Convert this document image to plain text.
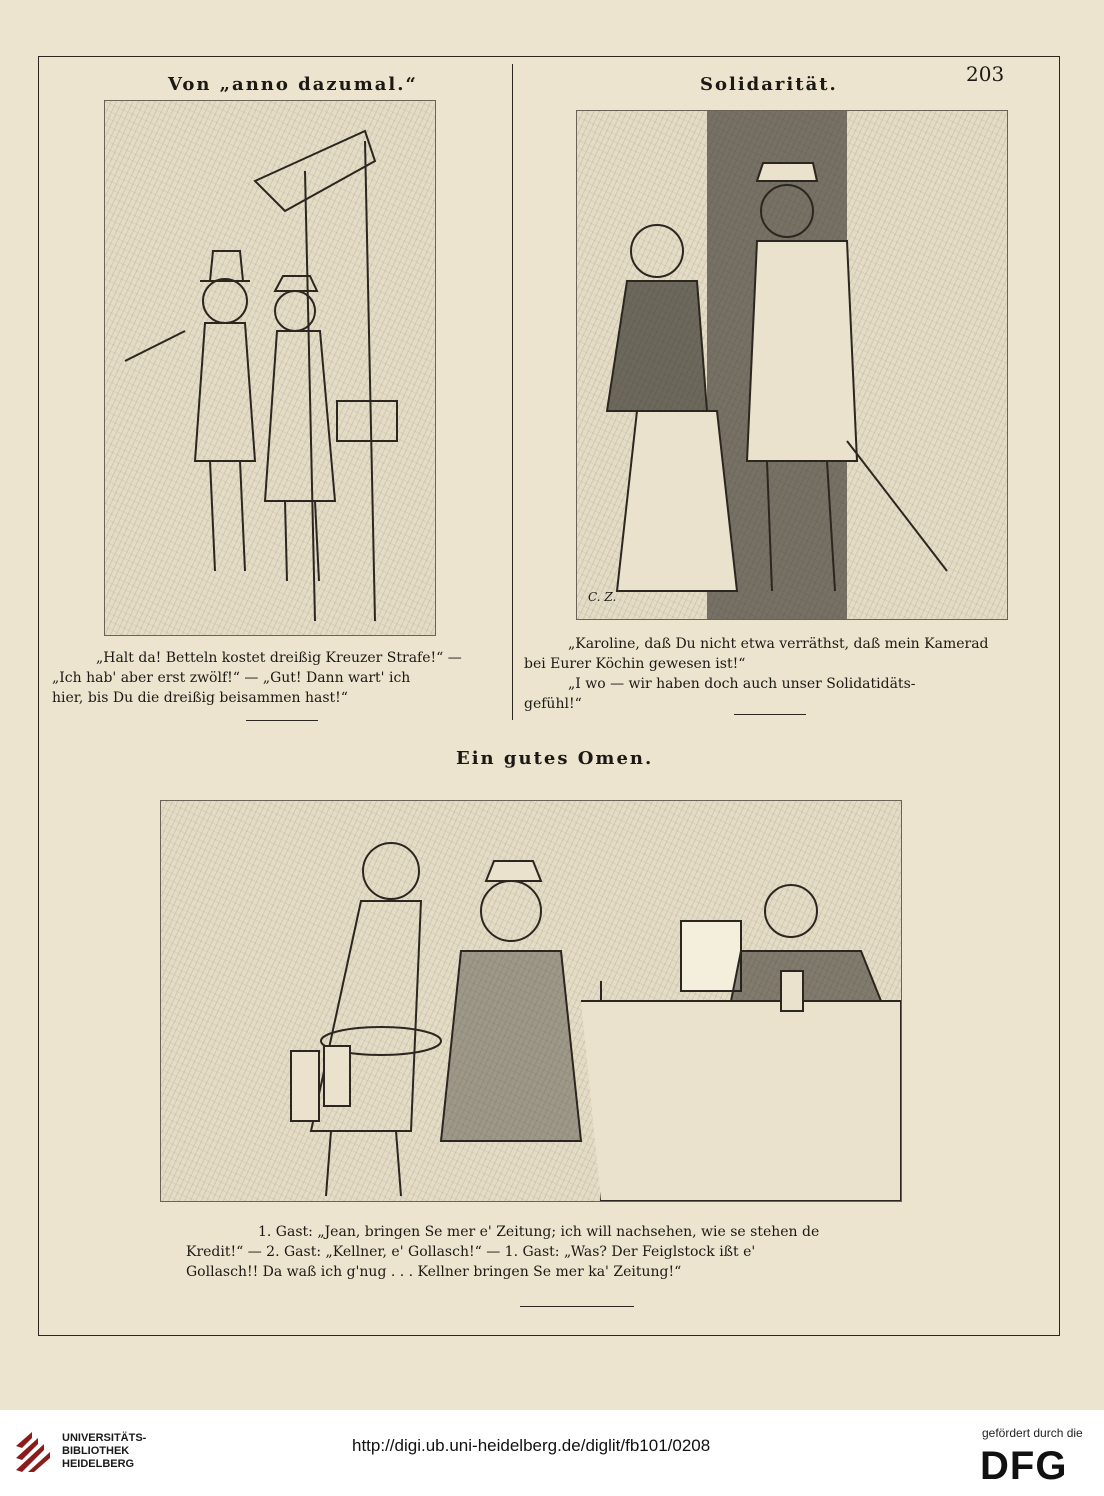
203
Von „anno dazumal.“

„Halt da! Betteln kostet dreißig Kreuzer Strafe!“ —

„Ich hab' aber erst zwölf!“ — „Gut! Dann wart' ich

hier, bis Du die dreißig beisammen hast!“

Solidarität.
C. Z.

„Karoline, daß Du nicht etwa verräthst, daß mein Kamerad

bei Eurer Köchin gewesen ist!“

„I wo — wir haben doch auch unser Solidatidäts-

gefühl!“

Ein gutes Omen.

1. Gast: „Jean, bringen Se mer e' Zeitung; ich will nachsehen, wie se stehen de

Kredit!“ — 2. Gast: „Kellner, e' Gollasch!“ — 1. Gast: „Was? Der Feiglstock ißt e'

Gollasch!! Da waß ich g'nug . . . Kellner bringen Se mer ka' Zeitung!“

UNIVERSITÄTS-
BIBLIOTHEK
HEIDELBERG
http://digi.ub.uni-heidelberg.de/diglit/fb101/0208
gefördert durch die
DFG
